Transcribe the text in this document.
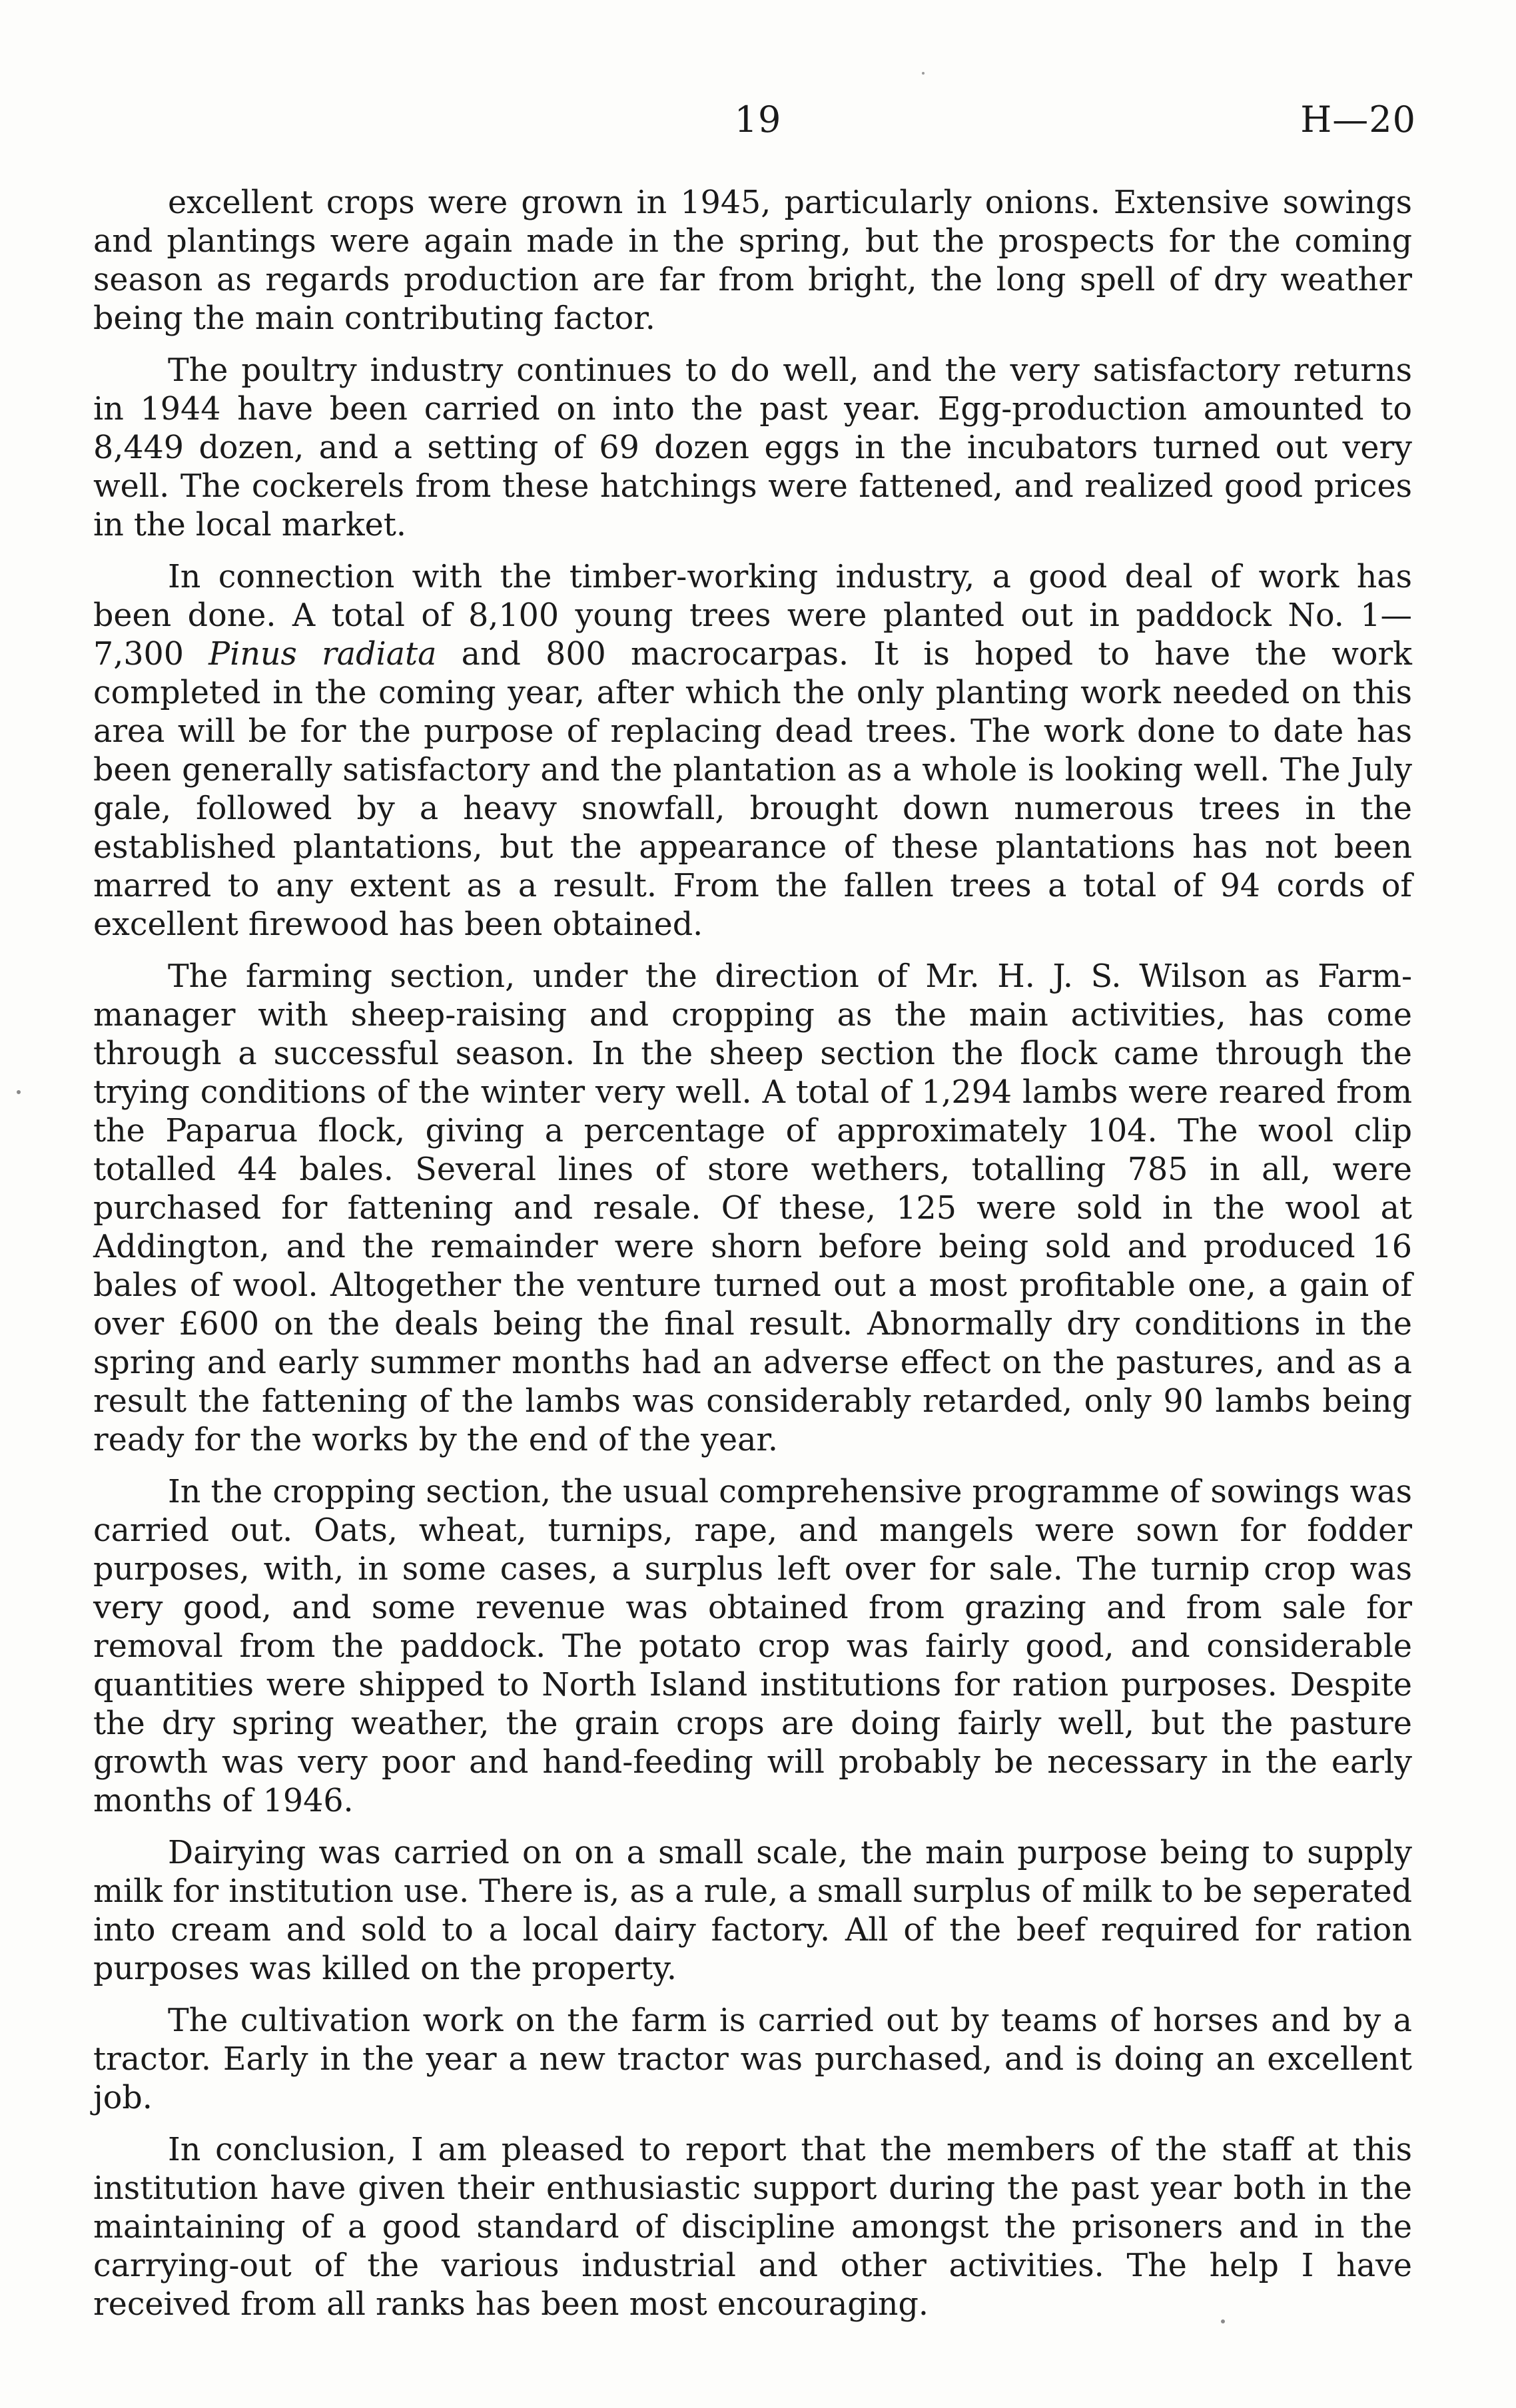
19	H—20

excellent crops were grown in 1945, particularly onions. Extensive sowings and plantings were again made in the spring, but the prospects for the coming season as regards production are far from bright, the long spell of dry weather being the main contributing factor.

The poultry industry continues to do well, and the very satisfactory returns in 1944 have been carried on into the past year. Egg-production amounted to 8,449 dozen, and a setting of 69 dozen eggs in the incubators turned out very well. The cockerels from these hatchings were fattened, and realized good prices in the local market.

In connection with the timber-working industry, a good deal of work has been done. A total of 8,100 young trees were planted out in paddock No. 1—7,300 Pinus radiata and 800 macrocarpas. It is hoped to have the work completed in the coming year, after which the only planting work needed on this area will be for the purpose of replacing dead trees. The work done to date has been generally satisfactory and the plantation as a whole is looking well. The July gale, followed by a heavy snowfall, brought down numerous trees in the established plantations, but the appearance of these plantations has not been marred to any extent as a result. From the fallen trees a total of 94 cords of excellent firewood has been obtained.

The farming section, under the direction of Mr. H. J. S. Wilson as Farm-manager with sheep-raising and cropping as the main activities, has come through a successful season. In the sheep section the flock came through the trying conditions of the winter very well. A total of 1,294 lambs were reared from the Paparua flock, giving a percentage of approximately 104. The wool clip totalled 44 bales. Several lines of store wethers, totalling 785 in all, were purchased for fattening and resale. Of these, 125 were sold in the wool at Addington, and the remainder were shorn before being sold and produced 16 bales of wool. Altogether the venture turned out a most profitable one, a gain of over £600 on the deals being the final result. Abnormally dry conditions in the spring and early summer months had an adverse effect on the pastures, and as a result the fattening of the lambs was considerably retarded, only 90 lambs being ready for the works by the end of the year.

In the cropping section, the usual comprehensive programme of sowings was carried out. Oats, wheat, turnips, rape, and mangels were sown for fodder purposes, with, in some cases, a surplus left over for sale. The turnip crop was very good, and some revenue was obtained from grazing and from sale for removal from the paddock. The potato crop was fairly good, and considerable quantities were shipped to North Island institutions for ration purposes. Despite the dry spring weather, the grain crops are doing fairly well, but the pasture growth was very poor and hand-feeding will probably be necessary in the early months of 1946.

Dairying was carried on on a small scale, the main purpose being to supply milk for institution use. There is, as a rule, a small surplus of milk to be seperated into cream and sold to a local dairy factory. All of the beef required for ration purposes was killed on the property.

The cultivation work on the farm is carried out by teams of horses and by a tractor. Early in the year a new tractor was purchased, and is doing an excellent job.

In conclusion, I am pleased to report that the members of the staff at this institution have given their enthusiastic support during the past year both in the maintaining of a good standard of discipline amongst the prisoners and in the carrying-out of the various industrial and other activities. The help I have received from all ranks has been most encouraging.
